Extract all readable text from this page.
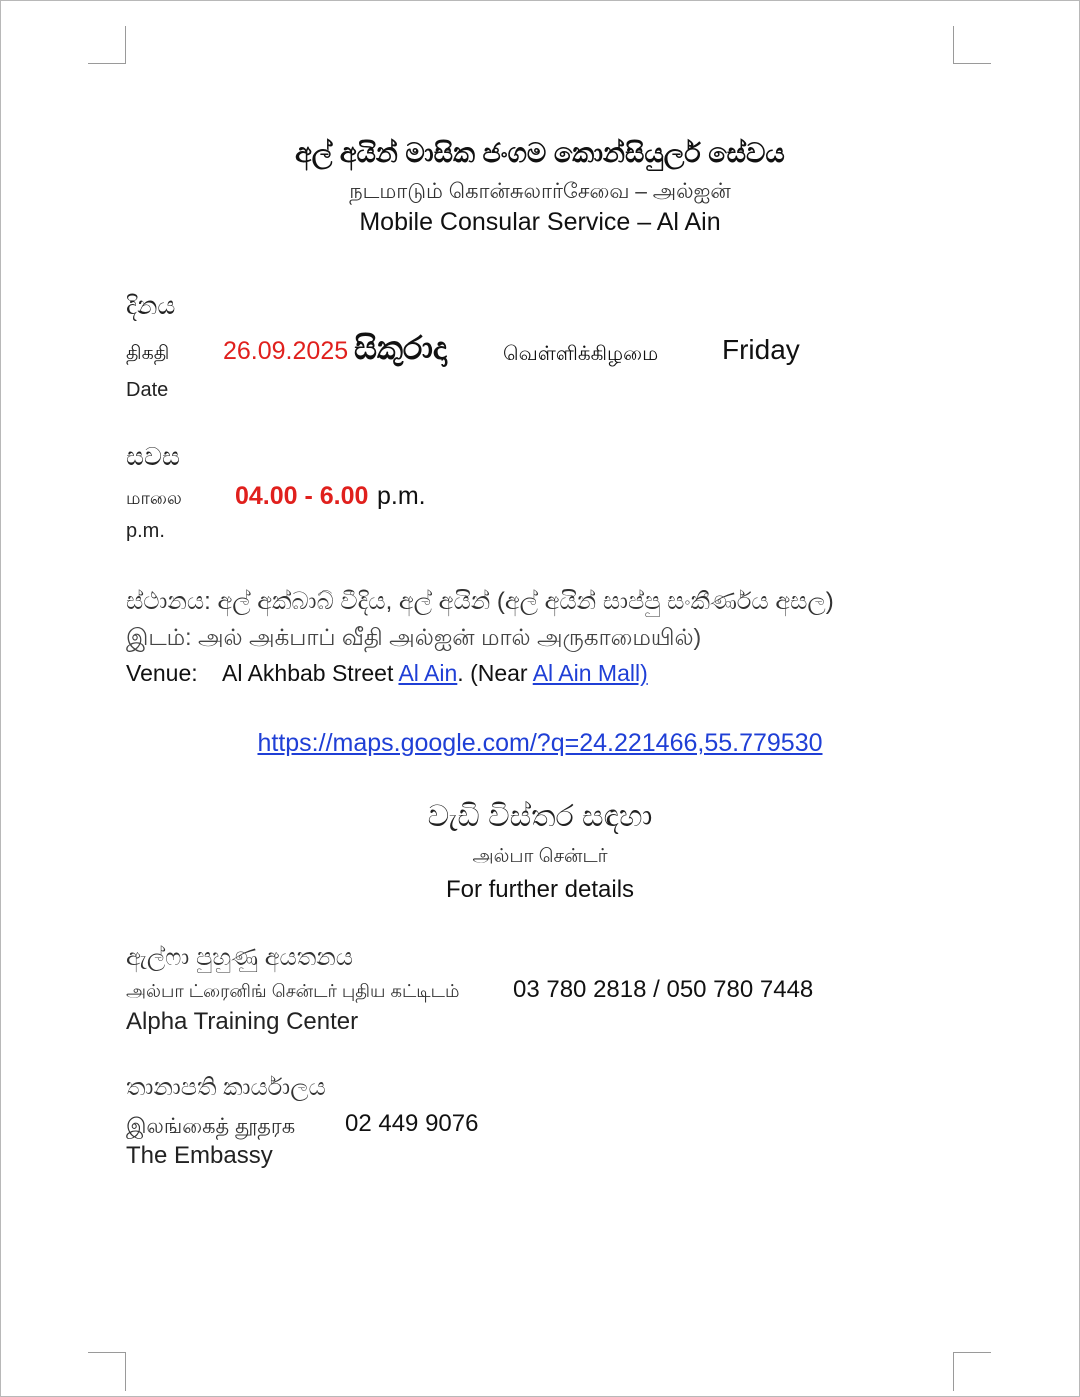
අල් අයින් මාසික ජංගම කොන්සියුලර් සේවය
நடமாடும் கொன்சுலார்சேவை – அல்ஐன்
Mobile Consular Service – Al Ain
දිනය
திகதி 26.09.2025 සිකුරාදා	வெள்ளிக்கிழமை Friday
Date
සවස
மாலை 04.00 - 6.00 p.m.
p.m.
ස්ථානය: අල් අක්බාබ් වීදිය, අල් අයින් (අල් අයින් සාප්පු සංකීර්ණය අසල)
இடம்: அல் அக்பாப் வீதி அல்ஐன் மால் அருகாமையில்)
Venue: Al Akhbab Street Al Ain. (Near Al Ain Mall)
https://maps.google.com/?q=24.221466,55.779530
වැඩි විස්තර සඳහා
அல்பா சென்டர்
For further details
ඇල්ෆා පුහුණු අයතනය
அல்பா ட்ரைனிங் சென்டர் புதிய கட்டிடம் 03 780 2818 / 050 780 7448
Alpha Training Center
තානාපති කාර්යාලය
இலங்கைத் தூதரக 02 449 9076
The Embassy
